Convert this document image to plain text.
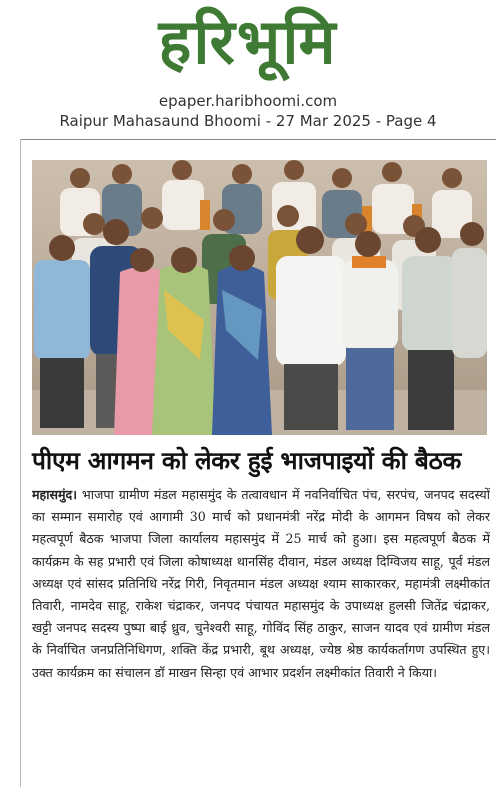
हरिभूमि
epaper.haribhoomi.com
Raipur Mahasaund Bhoomi - 27 Mar 2025 - Page 4
पीएम आगमन को लेकर हुई भाजपाइयों की बैठक
महासमुंद। भाजपा ग्रामीण मंडल महासमुंद के तत्वावधान में नवनिर्वाचित पंच, सरपंच, जनपद सदस्यों का सम्मान समारोह एवं आगामी 30 मार्च को प्रधानमंत्री नरेंद्र मोदी के आगमन विषय को लेकर महत्वपूर्ण बैठक भाजपा जिला कार्यालय महासमुंद में 25 मार्च को हुआ। इस महत्वपूर्ण बैठक में कार्यक्रम के सह प्रभारी एवं जिला कोषाध्यक्ष थानसिंह दीवान, मंडल अध्यक्ष दिग्विजय साहू, पूर्व मंडल अध्यक्ष एवं सांसद प्रतिनिधि नरेंद्र गिरी, निवृतमान मंडल अध्यक्ष श्याम साकारकर, महामंत्री लक्ष्मीकांत तिवारी, नामदेव साहू, राकेश चंद्राकर, जनपद पंचायत महासमुंद के उपाध्यक्ष हुलसी जितेंद्र चंद्राकर, खट्टी जनपद सदस्य पुष्पा बाई ध्रुव, चुनेश्वरी साहू, गोविंद सिंह ठाकुर, साजन यादव एवं ग्रामीण मंडल के निर्वाचित जनप्रतिनिधिगण, शक्ति केंद्र प्रभारी, बूथ अध्यक्ष, ज्येष्ठ श्रेष्ठ कार्यकर्तागण उपस्थित हुए। उक्त कार्यक्रम का संचालन डॉ माखन सिन्हा एवं आभार प्रदर्शन लक्ष्मीकांत तिवारी ने किया।
